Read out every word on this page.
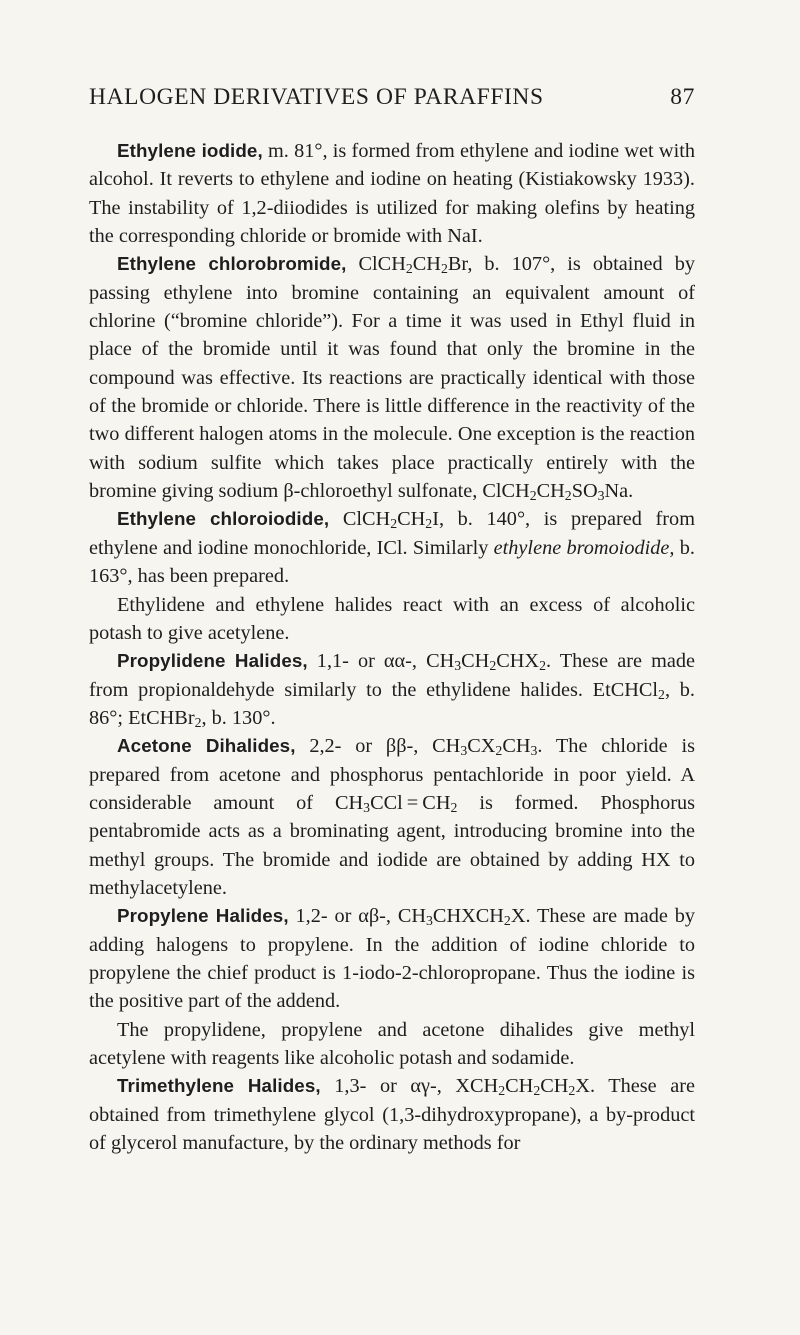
HALOGEN DERIVATIVES OF PARAFFINS	87

Ethylene iodide, m. 81°, is formed from ethylene and iodine wet with alcohol. It reverts to ethylene and iodine on heating (Kistiakowsky 1933). The instability of 1,2-diiodides is utilized for making olefins by heating the corresponding chloride or bromide with NaI.

Ethylene chlorobromide, $ClCH_2CH_2Br$, b. 107°, is obtained by passing ethylene into bromine containing an equivalent amount of chlorine (“bromine chloride”). For a time it was used in Ethyl fluid in place of the bromide until it was found that only the bromine in the compound was effective. Its reactions are practically identical with those of the bromide or chloride. There is little difference in the reactivity of the two different halogen atoms in the molecule. One exception is the reaction with sodium sulfite which takes place practically entirely with the bromine giving sodium β-chloroethyl sulfonate, $ClCH_2CH_2SO_3Na$.

Ethylene chloroiodide, $ClCH_2CH_2I$, b. 140°, is prepared from ethylene and iodine monochloride, ICl. Similarly ethylene bromoiodide, b. 163°, has been prepared.

Ethylidene and ethylene halides react with an excess of alcoholic potash to give acetylene.

Propylidene Halides, 1,1- or αα-, $CH_3CH_2CHX_2$. These are made from propionaldehyde similarly to the ethylidene halides. EtCHCl$_2$, b. 86°; EtCHBr$_2$, b. 130°.

Acetone Dihalides, 2,2- or ββ-, $CH_3CX_2CH_3$. The chloride is prepared from acetone and phosphorus pentachloride in poor yield. A considerable amount of $CH_3CCl = CH_2$ is formed. Phosphorus pentabromide acts as a brominating agent, introducing bromine into the methyl groups. The bromide and iodide are obtained by adding HX to methylacetylene.

Propylene Halides, 1,2- or αβ-, $CH_3CHXCH_2X$. These are made by adding halogens to propylene. In the addition of iodine chloride to propylene the chief product is 1-iodo-2-chloropropane. Thus the iodine is the positive part of the addend.

The propylidene, propylene and acetone dihalides give methyl acetylene with reagents like alcoholic potash and sodamide.

Trimethylene Halides, 1,3- or αγ-, $XCH_2CH_2CH_2X$. These are obtained from trimethylene glycol (1,3-dihydroxypropane), a by-product of glycerol manufacture, by the ordinary methods for
